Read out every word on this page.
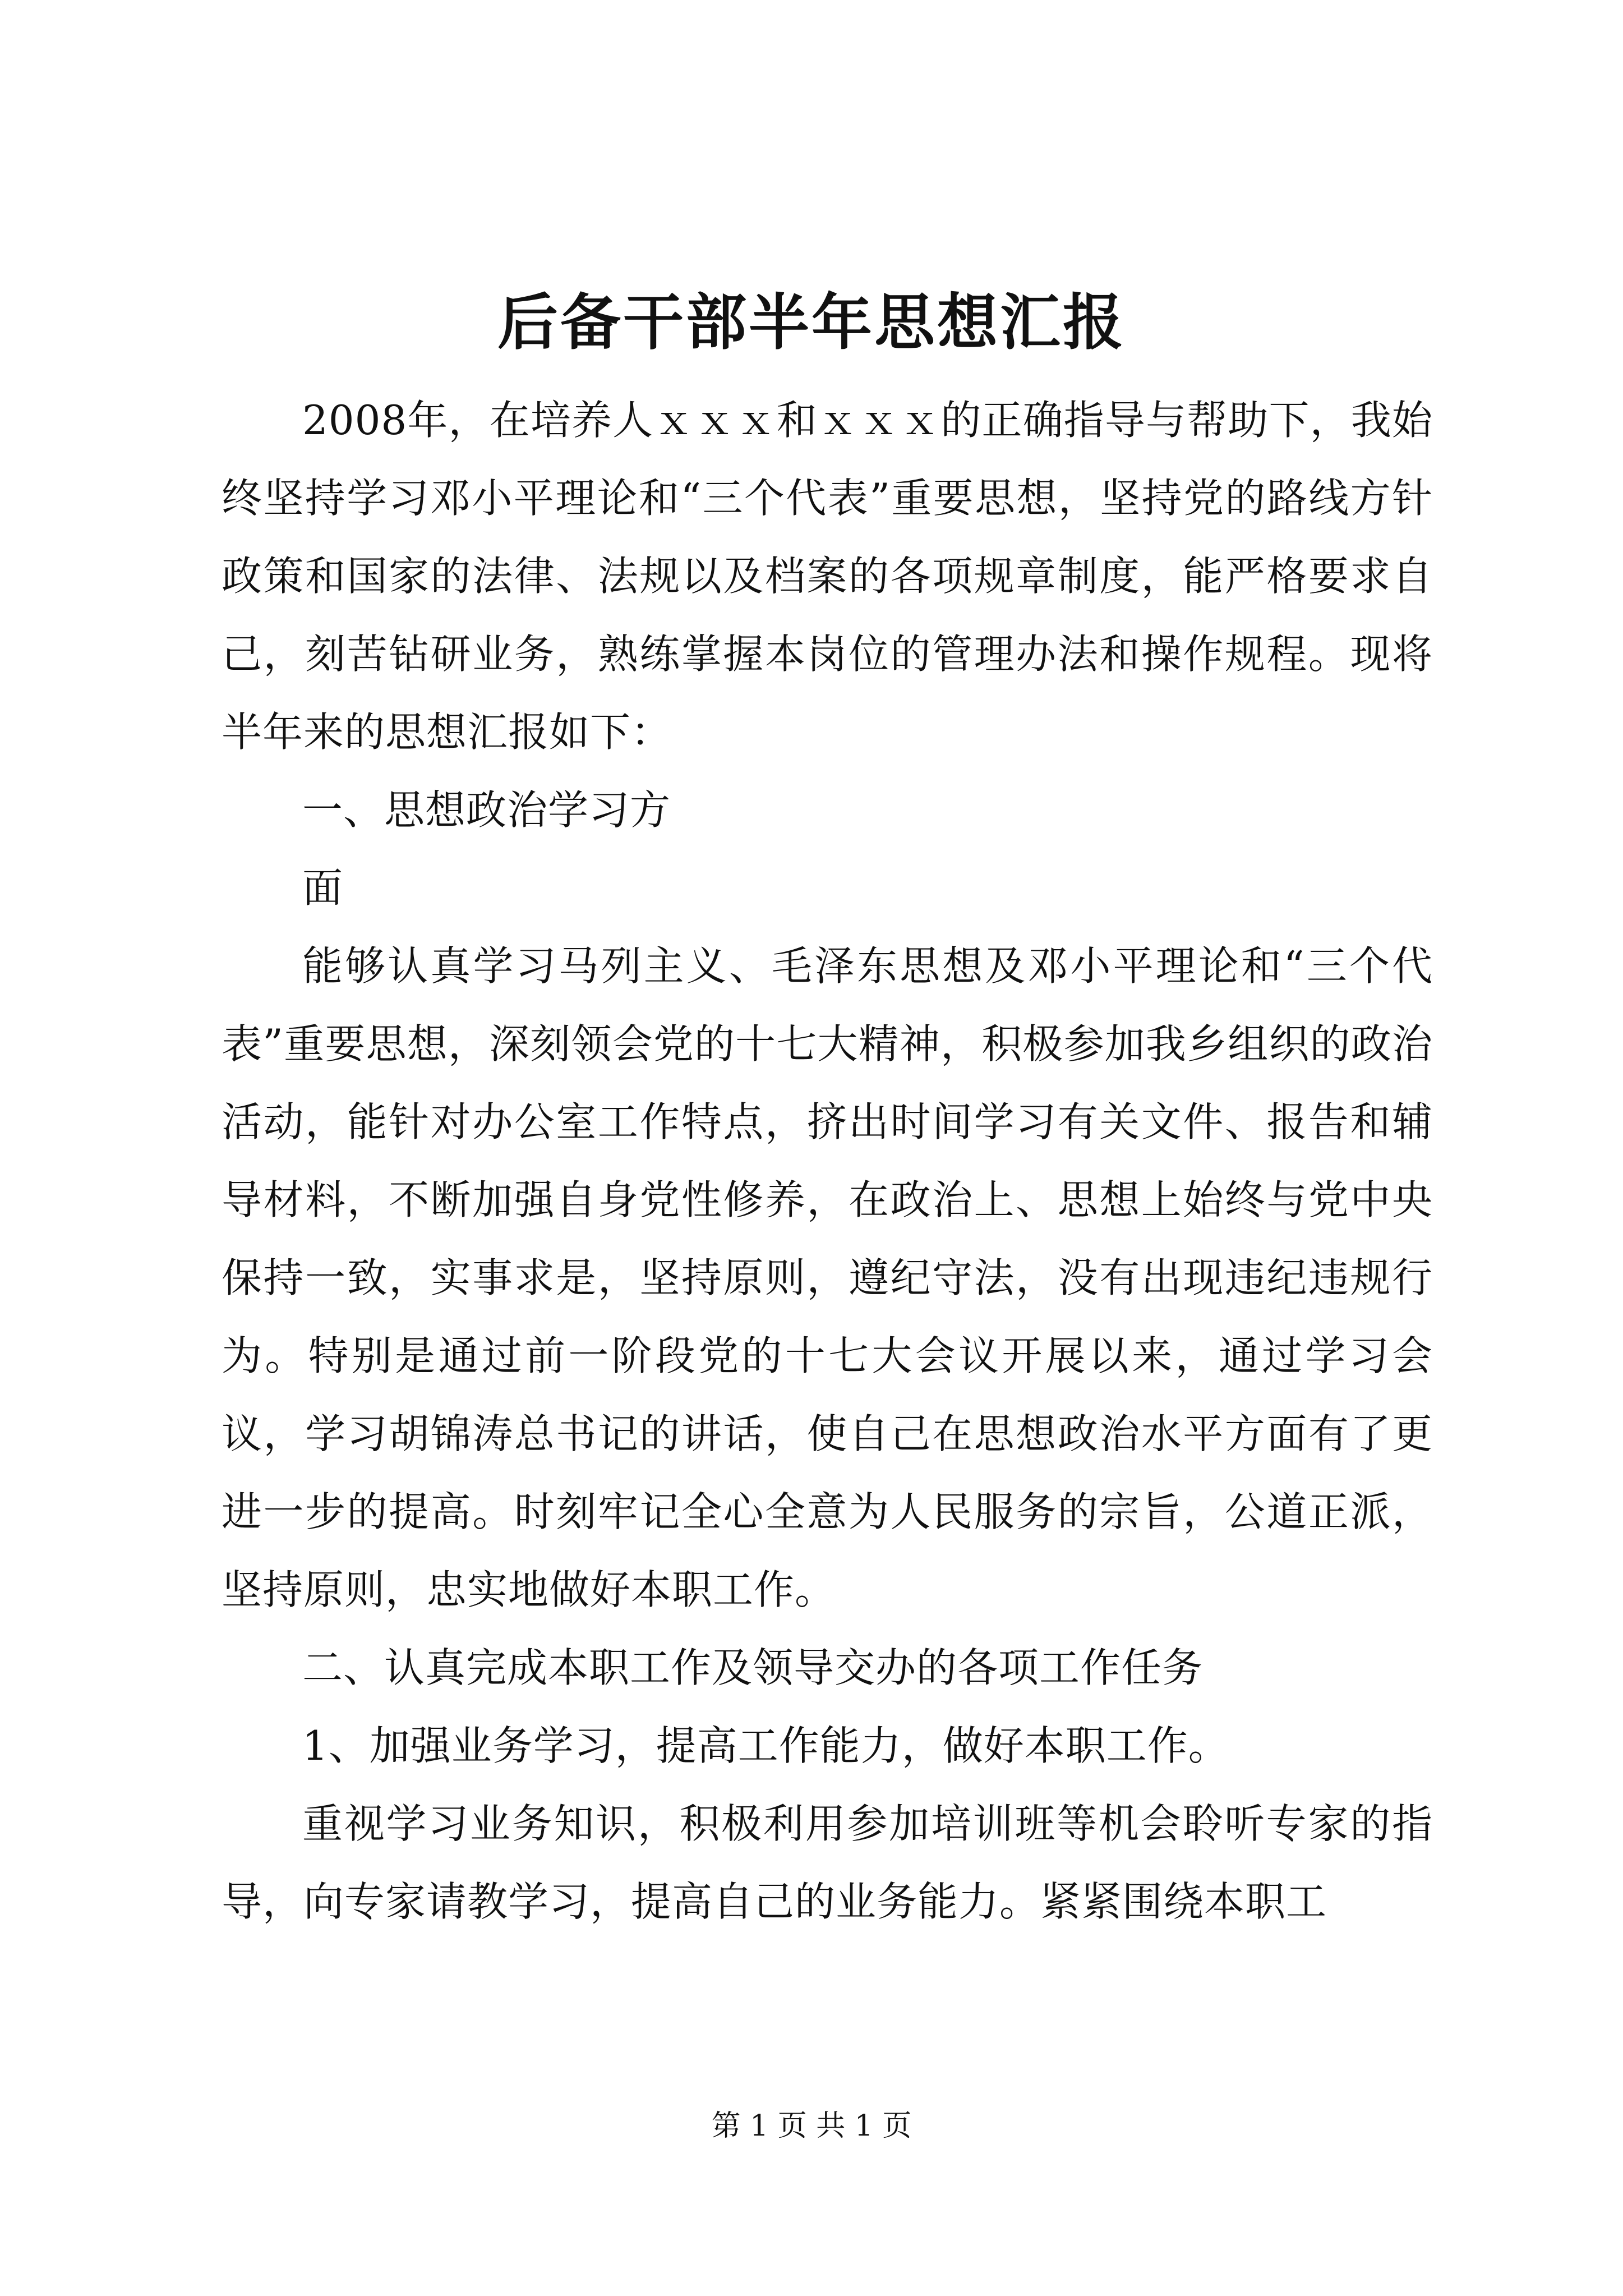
后备干部半年思想汇报

2008年，在培养人ｘｘｘ和ｘｘｘ的正确指导与帮助下，我始终坚持学习邓小平理论和“三个代表”重要思想，坚持党的路线方针政策和国家的法律、法规以及档案的各项规章制度，能严格要求自己，刻苦钻研业务，熟练掌握本岗位的管理办法和操作规程。现将半年来的思想汇报如下：

一、思想政治学习方

面

能够认真学习马列主义、毛泽东思想及邓小平理论和“三个代表”重要思想，深刻领会党的十七大精神，积极参加我乡组织的政治活动，能针对办公室工作特点，挤出时间学习有关文件、报告和辅导材料，不断加强自身党性修养，在政治上、思想上始终与党中央保持一致，实事求是，坚持原则，遵纪守法，没有出现违纪违规行为。特别是通过前一阶段党的十七大会议开展以来，通过学习会议，学习胡锦涛总书记的讲话，使自己在思想政治水平方面有了更进一步的提高。时刻牢记全心全意为人民服务的宗旨，公道正派，坚持原则，忠实地做好本职工作。

二、认真完成本职工作及领导交办的各项工作任务

1、加强业务学习，提高工作能力，做好本职工作。

重视学习业务知识，积极利用参加培训班等机会聆听专家的指导，向专家请教学习，提高自己的业务能力。紧紧围绕本职工

第 1 页 共 1 页
